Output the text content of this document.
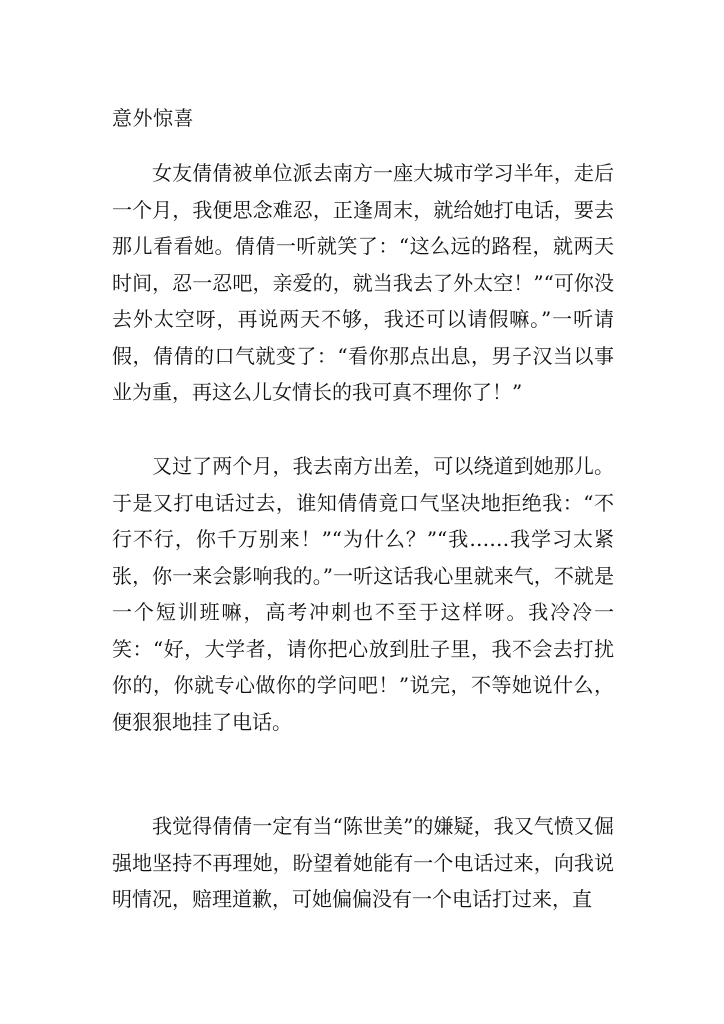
意外惊喜

女友倩倩被单位派去南方一座大城市学习半年，走后一个月，我便思念难忍，正逢周末，就给她打电话，要去那儿看看她。倩倩一听就笑了：“这么远的路程，就两天时间，忍一忍吧，亲爱的，就当我去了外太空！”“可你没去外太空呀，再说两天不够，我还可以请假嘛。”一听请假，倩倩的口气就变了：“看你那点出息，男子汉当以事业为重，再这么儿女情长的我可真不理你了！”

又过了两个月，我去南方出差，可以绕道到她那儿。于是又打电话过去，谁知倩倩竟口气坚决地拒绝我：“不行不行，你千万别来！”“为什么？”“我……我学习太紧张，你一来会影响我的。”一听这话我心里就来气，不就是一个短训班嘛，高考冲刺也不至于这样呀。我冷冷一笑：“好，大学者，请你把心放到肚子里，我不会去打扰你的，你就专心做你的学问吧！”说完，不等她说什么，便狠狠地挂了电话。

我觉得倩倩一定有当“陈世美”的嫌疑，我又气愤又倔强地坚持不再理她，盼望着她能有一个电话过来，向我说明情况，赔理道歉，可她偏偏没有一个电话打过来，直
